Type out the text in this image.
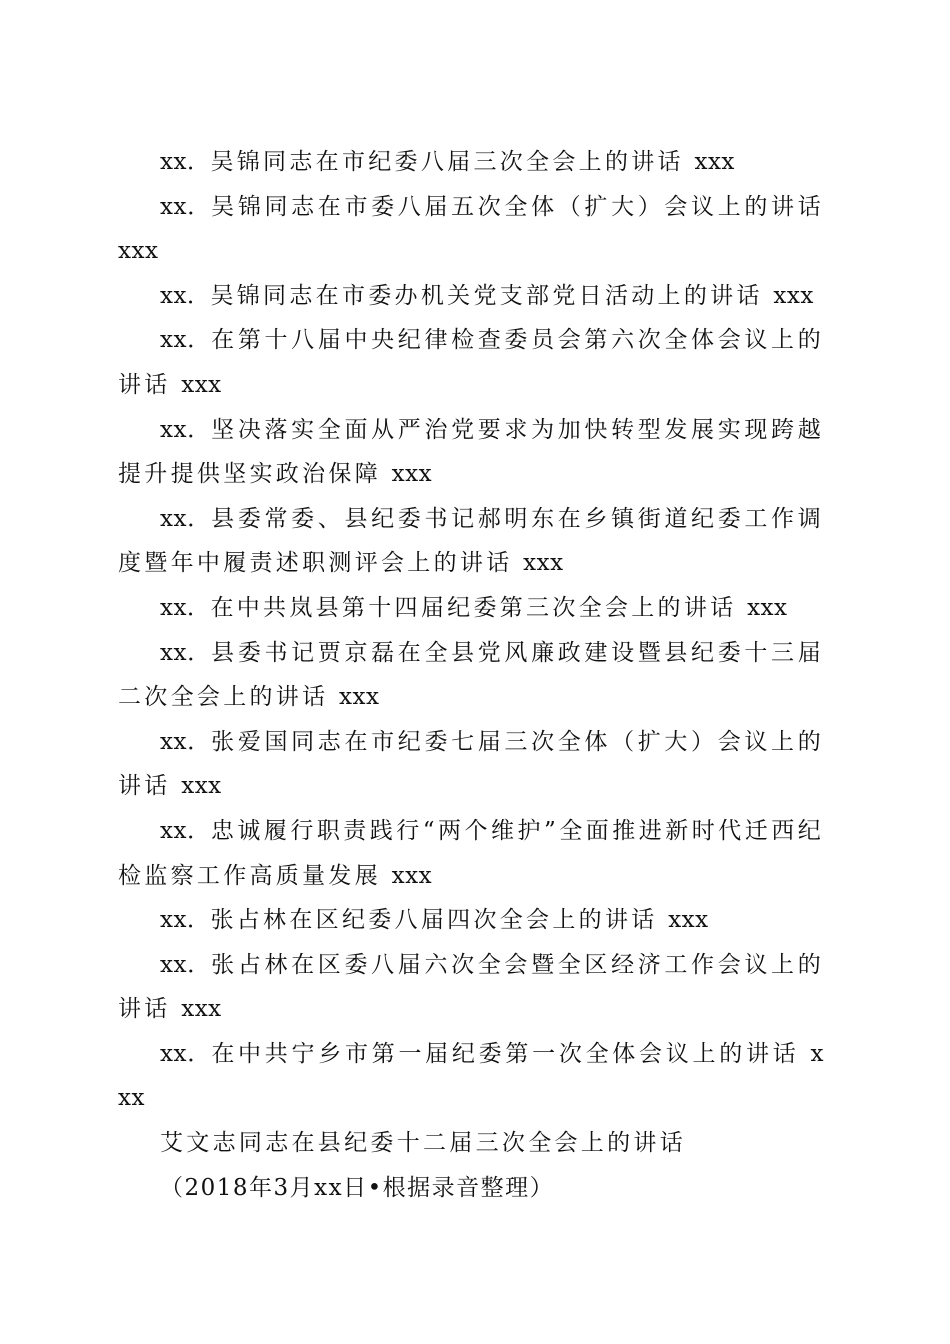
xx．吴锦同志在市纪委八届三次全会上的讲话 xxx

xx．吴锦同志在市委八届五次全体（扩大）会议上的讲话 xxx

xx．吴锦同志在市委办机关党支部党日活动上的讲话 xxx

xx．在第十八届中央纪律检查委员会第六次全体会议上的讲话 xxx

xx．坚决落实全面从严治党要求为加快转型发展实现跨越提升提供坚实政治保障 xxx

xx．县委常委、县纪委书记郝明东在乡镇街道纪委工作调度暨年中履责述职测评会上的讲话 xxx

xx．在中共岚县第十四届纪委第三次全会上的讲话 xxx

xx．县委书记贾京磊在全县党风廉政建设暨县纪委十三届二次全会上的讲话 xxx

xx．张爱国同志在市纪委七届三次全体（扩大）会议上的讲话 xxx

xx．忠诚履行职责践行“两个维护”全面推进新时代迁西纪检监察工作高质量发展 xxx

xx．张占林在区纪委八届四次全会上的讲话 xxx

xx．张占林在区委八届六次全会暨全区经济工作会议上的讲话 xxx

xx．在中共宁乡市第一届纪委第一次全体会议上的讲话 xxx

艾文志同志在县纪委十二届三次全会上的讲话

（2018年3月xx日•根据录音整理）
